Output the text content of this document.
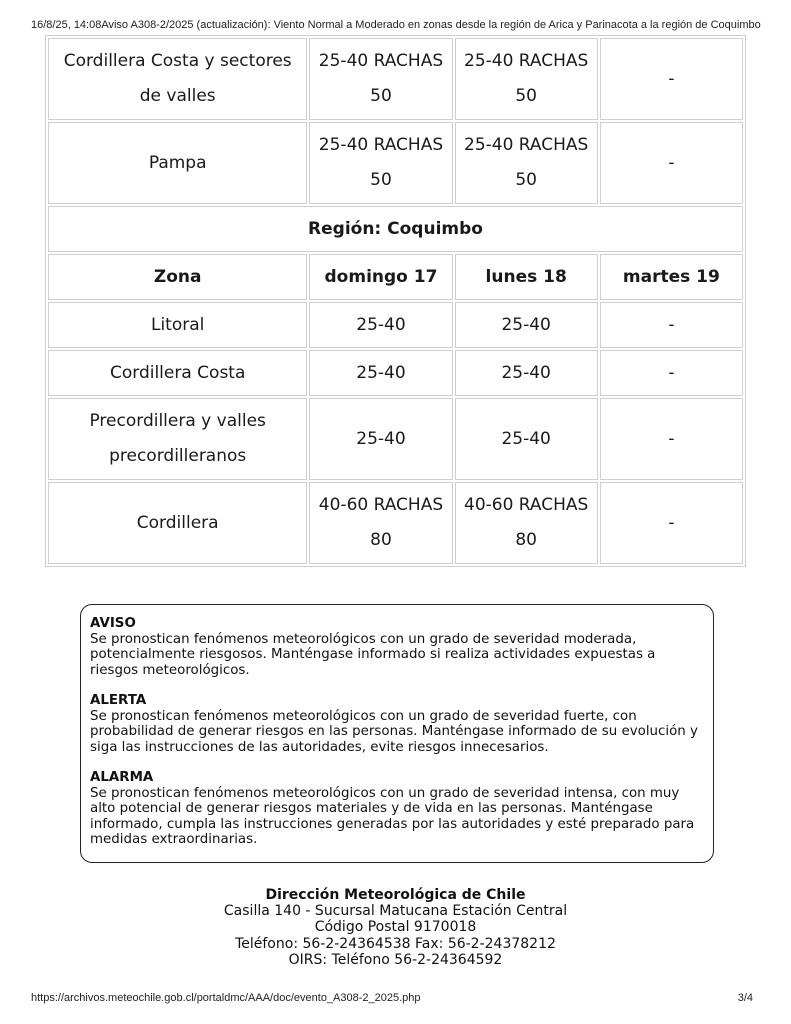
16/8/25, 14:08 Aviso A308-2/2025 (actualización): Viento Normal a Moderado en zonas desde la región de Arica y Parinacota a la región de Coquimbo
Cordillera Costa y sectores de valles	25-40 RACHAS 50	25-40 RACHAS 50	-
Pampa	25-40 RACHAS 50	25-40 RACHAS 50	-
Región: Coquimbo			
Zona	domingo 17	lunes 18	martes 19
Litoral	25-40	25-40	-
Cordillera Costa	25-40	25-40	-
Precordillera y valles precordilleranos	25-40	25-40	-
Cordillera	40-60 RACHAS 80	40-60 RACHAS 80	-
AVISO
Se pronostican fenómenos meteorológicos con un grado de severidad moderada, potencialmente riesgosos. Manténgase informado si realiza actividades expuestas a riesgos meteorológicos.
ALERTA
Se pronostican fenómenos meteorológicos con un grado de severidad fuerte, con probabilidad de generar riesgos en las personas. Manténgase informado de su evolución y siga las instrucciones de las autoridades, evite riesgos innecesarios.
ALARMA
Se pronostican fenómenos meteorológicos con un grado de severidad intensa, con muy alto potencial de generar riesgos materiales y de vida en las personas. Manténgase informado, cumpla las instrucciones generadas por las autoridades y esté preparado para medidas extraordinarias.
Dirección Meteorológica de Chile
Casilla 140 - Sucursal Matucana Estación Central
Código Postal 9170018
Teléfono: 56-2-24364538 Fax: 56-2-24378212
OIRS: Teléfono 56-2-24364592
https://archivos.meteochile.gob.cl/portaldmc/AAA/doc/evento_A308-2_2025.php	3/4
